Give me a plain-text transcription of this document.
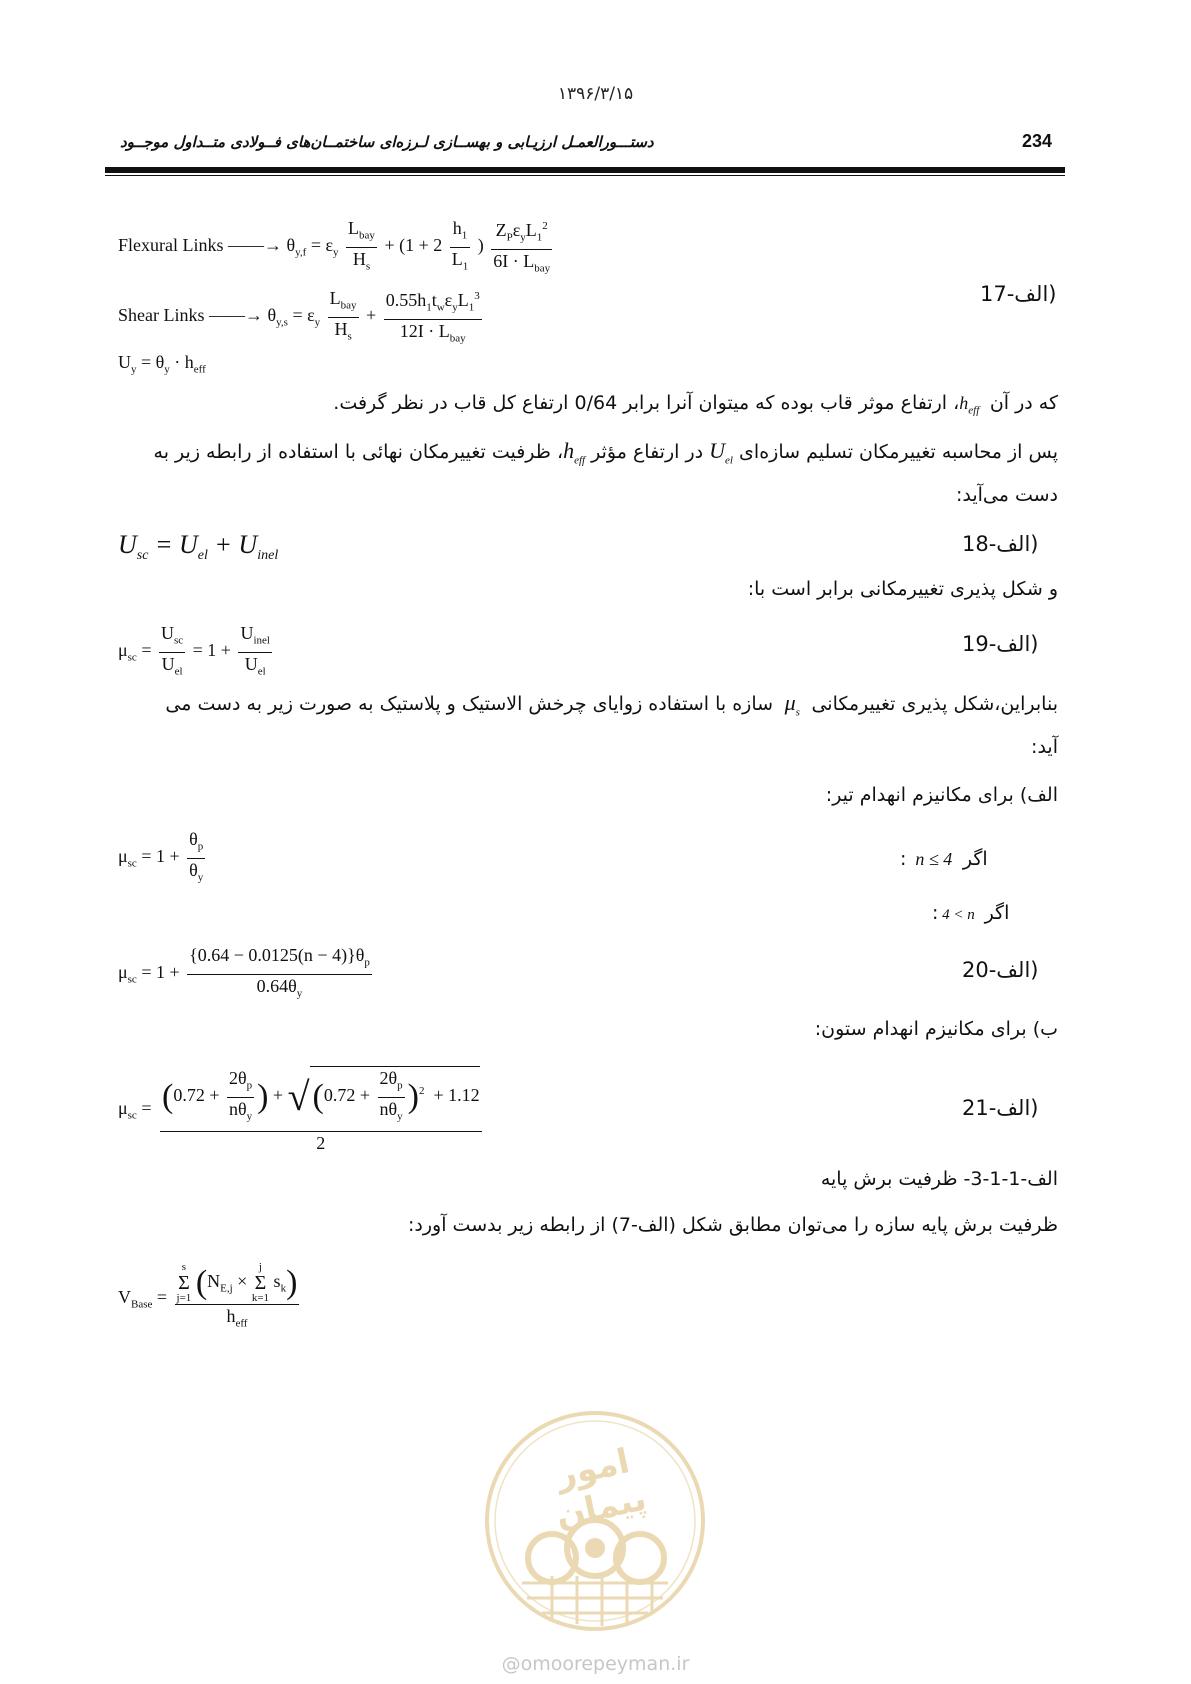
۱۳۹۶/۳/۱۵
234
دستـــورالعمـل ارزیـابی و بهســازی لـرزه‌ای ساختمــان‌های فــولادی متــداول موجــود
Flexural Links ——→ $\theta_{y,f} = \varepsilon_y \frac{L_{bay}}{H_s} + (1 + 2 \frac{h_1}{L_1}$ ) $\frac{Z_P\varepsilon_yL_1^2}{6I \cdot L_{bay}}$
Shear Links ——→ $\theta_{y,s} = \varepsilon_y \frac{L_{bay}}{H_s} + \frac{0.55h_1t_w\varepsilon_yL_1^3}{12I \cdot L_{bay}}$
$U_y = \theta_y \cdot h_{eff}$
(الف-17
که در آن  $h_{eff}،$ ارتفاع موثر قاب بوده که میتوان آنرا برابر 0/64 ارتفاع کل قاب در نظر گرفت.
پس از محاسبه تغییرمکان تسلیم سازه‌ای $U_{el}$ در ارتفاع مؤثر $h_{eff}،$ ظرفیت تغییرمکان نهائی با استفاده از رابطه زیر به
دست می‌آید:
$U_{sc} = U_{el} + U_{inel}$	(الف-18
و شکل پذیری تغییرمکانی برابر است با:
$\mu_{sc} = \frac{U_{sc}}{U_{el}} = 1 + \frac{U_{inel}}{U_{el}}$	(الف-19
بنابراین،شکل پذیری تغییرمکانی  $\mu_s$  سازه با استفاده زوایای چرخش الاستیک و پلاستیک به صورت زیر به دست می
آید:
الف) برای مکانیزم انهدام تیر:
$\mu_{sc} = 1 + \frac{\theta_p}{\theta_y}$	اگر   n ≤ 4 :
اگر  4 < n :
$\mu_{sc} = 1 + \frac{\{0.64 - 0.0125(n - 4)\}\theta_p}{0.64\theta_y}$	(الف-20
ب) برای مکانیزم انهدام ستون:
$\mu_{sc} = (0.72 + \frac{2\theta_p}{n\theta_y}$ ) + $√(0.72 + \frac{2\theta_p}{n\theta_y} )^2 + 1.12$
2
(الف-21
الف-1-1-3- ظرفیت برش پایه
ظرفیت برش پایه سازه را می‌توان مطابق شکل (الف-7) از رابطه زیر بدست آورد:
$V_{Base}$ =
s
Σ
j=1 ($N_{E,j} \times j$
Σ
k=1 $s_k$)
$h_{eff}$
امور پیمان
@omoorepeyman.ir
